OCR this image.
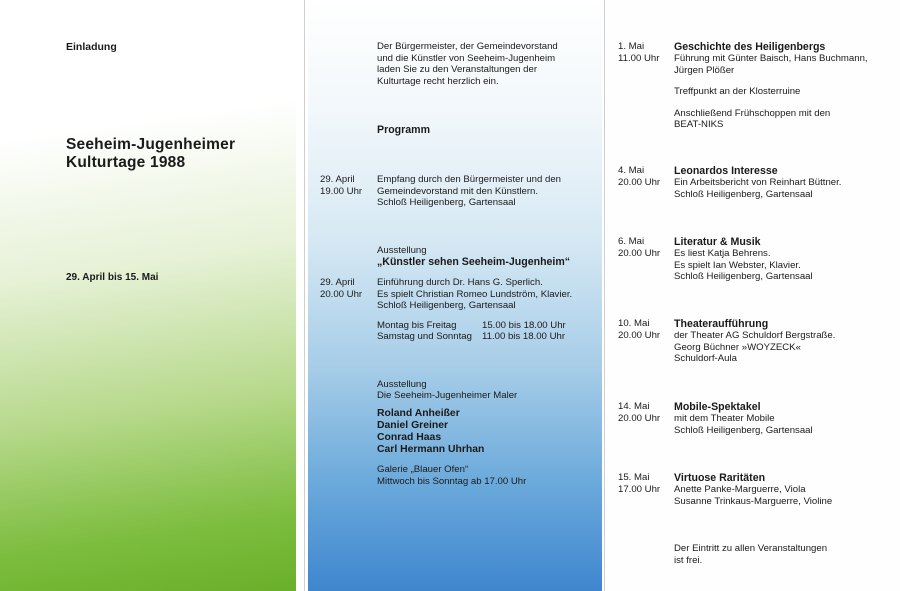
Einladung
Seeheim-Jugenheimer
Kulturtage 1988
29. April bis 15. Mai
Der Bürgermeister, der Gemeindevorstand
und die Künstler von Seeheim-Jugenheim
laden Sie zu den Veranstaltungen der
Kulturtage recht herzlich ein.
Programm
29. April
19.00 Uhr
Empfang durch den Bürgermeister und den
Gemeindevorstand mit den Künstlern.
Schloß Heiligenberg, Gartensaal
Ausstellung
„Künstler sehen Seeheim-Jugenheim“
29. April
20.00 Uhr
Einführung durch Dr. Hans G. Sperlich.
Es spielt Christian Romeo Lundström, Klavier.
Schloß Heiligenberg, Gartensaal
Montag bis Freitag	15.00 bis 18.00 Uhr
Samstag und Sonntag 11.00 bis 18.00 Uhr
Ausstellung
Die Seeheim-Jugenheimer Maler
Roland Anheißer
Daniel Greiner
Conrad Haas
Carl Hermann Uhrhan
Galerie „Blauer Ofen“
Mittwoch bis Sonntag ab 17.00 Uhr
1. Mai
11.00 Uhr
Geschichte des Heiligenbergs
Führung mit Günter Baisch, Hans Buchmann,
Jürgen Plößer
Treffpunkt an der Klosterruine
Anschließend Frühschoppen mit den
BEAT-NIKS
4. Mai
20.00 Uhr
Leonardos Interesse
Ein Arbeitsbericht von Reinhart Büttner.
Schloß Heiligenberg, Gartensaal
6. Mai
20.00 Uhr
Literatur & Musik
Es liest Katja Behrens.
Es spielt Ian Webster, Klavier.
Schloß Heiligenberg, Gartensaal
10. Mai
20.00 Uhr
Theateraufführung
der Theater AG Schuldorf Bergstraße.
Georg Büchner »WOYZECK«
Schuldorf-Aula
14. Mai
20.00 Uhr
Mobile-Spektakel
mit dem Theater Mobile
Schloß Heiligenberg, Gartensaal
15. Mai
17.00 Uhr
Virtuose Raritäten
Anette Panke-Marguerre, Viola
Susanne Trinkaus-Marguerre, Violine
Der Eintritt zu allen Veranstaltungen
ist frei.
